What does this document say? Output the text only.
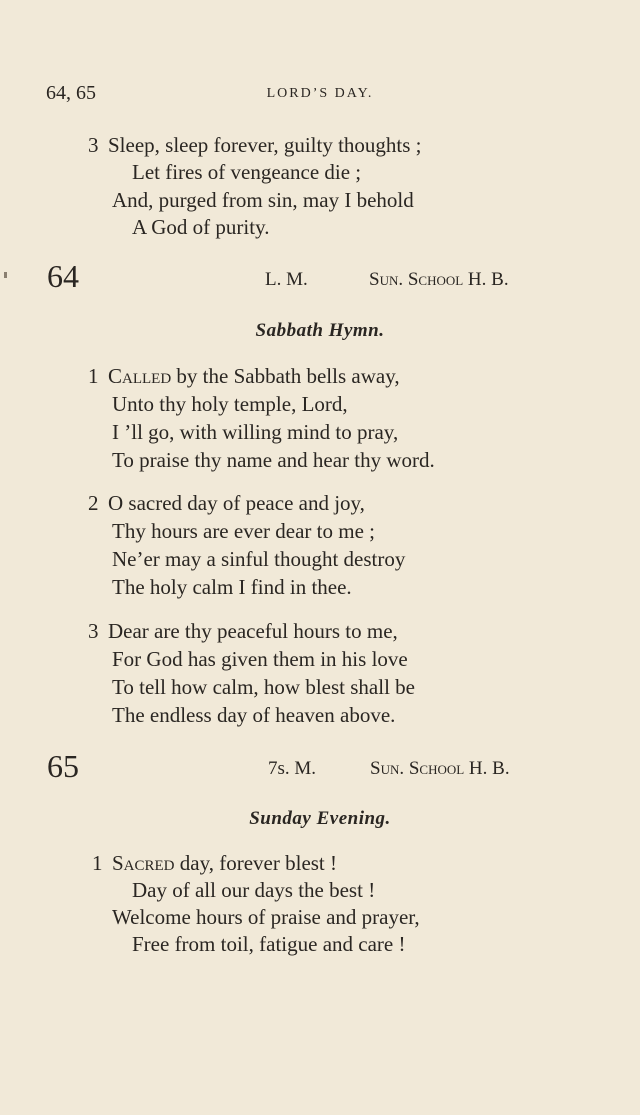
64, 65	LORD’S DAY.
3 Sleep, sleep forever, guilty thoughts ;
Let fires of vengeance die ;
And, purged from sin, may I behold
A God of purity.
64	L. M.	Sun. School H. B.
Sabbath Hymn.
1 Called by the Sabbath bells away,
Unto thy holy temple, Lord,
I ’ll go, with willing mind to pray,
To praise thy name and hear thy word.
2 O sacred day of peace and joy,
Thy hours are ever dear to me ;
Ne’er may a sinful thought destroy
The holy calm I find in thee.
3 Dear are thy peaceful hours to me,
For God has given them in his love
To tell how calm, how blest shall be
The endless day of heaven above.
65	7s. M.	Sun. School H. B.
Sunday Evening.
1 Sacred day, forever blest !
Day of all our days the best !
Welcome hours of praise and prayer,
Free from toil, fatigue and care !
